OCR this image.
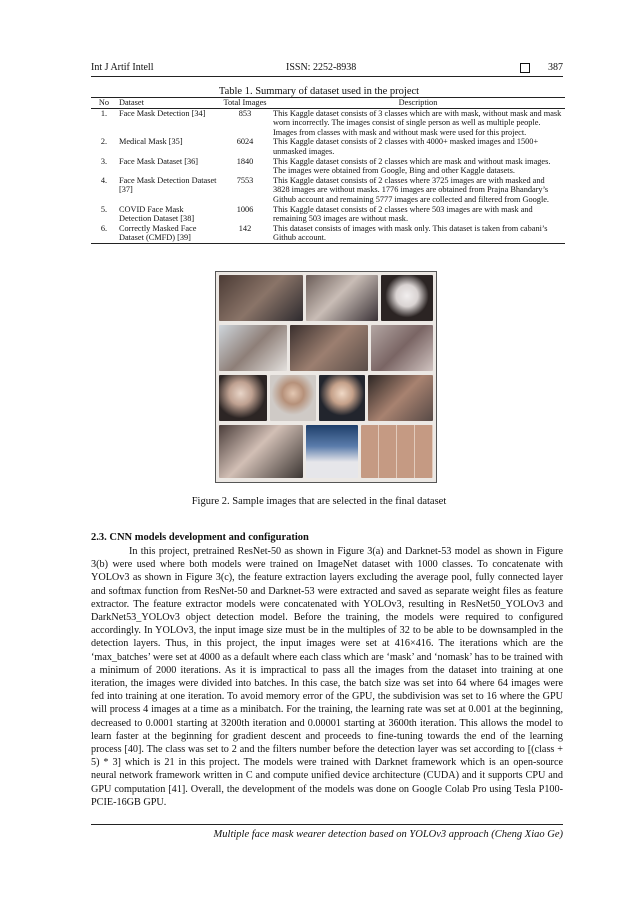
Int J Artif Intell	ISSN: 2252-8938	387
Table 1. Summary of dataset used in the project
No	Dataset	Total Images	Description
1.	Face Mask Detection [34]	853	This Kaggle dataset consists of 3 classes which are with mask, without mask and mask worn incorrectly. The images consist of single person as well as multiple people. Images from classes with mask and without mask were used for this project.
2.	Medical Mask [35]	6024	This Kaggle dataset consists of 2 classes with 4000+ masked images and 1500+ unmasked images.
3.	Face Mask Dataset [36]	1840	This Kaggle dataset consists of 2 classes which are mask and without mask images. The images were obtained from Google, Bing and other Kaggle datasets.
4.	Face Mask Detection Dataset [37]	7553	This Kaggle dataset consists of 2 classes where 3725 images are with masked and 3828 images are without masks. 1776 images are obtained from Prajna Bhandary’s Github account and remaining 5777 images are collected and filtered from Google.
5.	COVID Face Mask Detection Dataset [38]	1006	This Kaggle dataset consists of 2 classes where 503 images are with mask and remaining 503 images are without mask.
6.	Correctly Masked Face Dataset (CMFD) [39]	142	This dataset consists of images with mask only. This dataset is taken from cabani’s Github account.
Figure 2. Sample images that are selected in the final dataset
2.3. CNN models development and configuration
In this project, pretrained ResNet-50 as shown in Figure 3(a) and Darknet-53 model as shown in Figure 3(b) were used where both models were trained on ImageNet dataset with 1000 classes. To concatenate with YOLOv3 as shown in Figure 3(c), the feature extraction layers excluding the average pool, fully connected layer and softmax function from ResNet-50 and Darknet-53 were extracted and saved as separate weight files as feature extractor. The feature extractor models were concatenated with YOLOv3, resulting in ResNet50_YOLOv3 and DarkNet53_YOLOv3 object detection model. Before the training, the models were required to configured accordingly. In YOLOv3, the input image size must be in the multiples of 32 to be able to be downsampled in the detection layers. Thus, in this project, the input images were set at 416×416. The iterations which are the ‘max_batches’ were set at 4000 as a default where each class which are ‘mask’ and ‘nomask’ has to be trained with a minimum of 2000 iterations. As it is impractical to pass all the images from the dataset into training at one iteration, the images were divided into batches. In this case, the batch size was set into 64 where 64 images were fed into training at one iteration. To avoid memory error of the GPU, the subdivision was set to 16 where the GPU will process 4 images at a time as a minibatch. For the training, the learning rate was set at 0.001 at the beginning, decreased to 0.0001 starting at 3200th iteration and 0.00001 starting at 3600th iteration. This allows the model to learn faster at the beginning for gradient descent and proceeds to fine-tuning towards the end of the learning process [40]. The class was set to 2 and the filters number before the detection layer was set according to [(class + 5) * 3] which is 21 in this project. The models were trained with Darknet framework which is an open-source neural network framework written in C and compute unified device architecture (CUDA) and it supports CPU and GPU computation [41]. Overall, the development of the models was done on Google Colab Pro using Tesla P100-PCIE-16GB GPU.
Multiple face mask wearer detection based on YOLOv3 approach (Cheng Xiao Ge)
